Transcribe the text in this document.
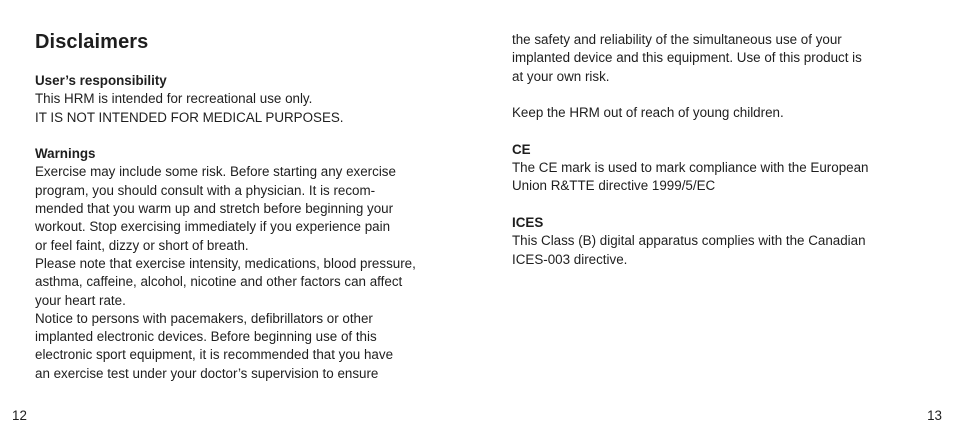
Disclaimers

User’s responsibility

This HRM is intended for recreational use only.
IT IS NOT INTENDED FOR MEDICAL PURPOSES.

Warnings

Exercise may include some risk. Before starting any exercise
program, you should consult with a physician. It is recom-
mended that you warm up and stretch before beginning your
workout. Stop exercising immediately if you experience pain
or feel faint, dizzy or short of breath.
Please note that exercise intensity, medications, blood pressure,
asthma, caffeine, alcohol, nicotine and other factors can affect
your heart rate.
Notice to persons with pacemakers, defibrillators or other
implanted electronic devices. Before beginning use of this
electronic sport equipment, it is recommended that you have
an exercise test under your doctor’s supervision to ensure
12
the safety and reliability of the simultaneous use of your
implanted device and this equipment. Use of this product is
at your own risk.
Keep the HRM out of reach of young children.

CE

The CE mark is used to mark compliance with the European
Union R&TTE directive 1999/5/EC

ICES

This Class (B) digital apparatus complies with the Canadian
ICES-003 directive.
13
